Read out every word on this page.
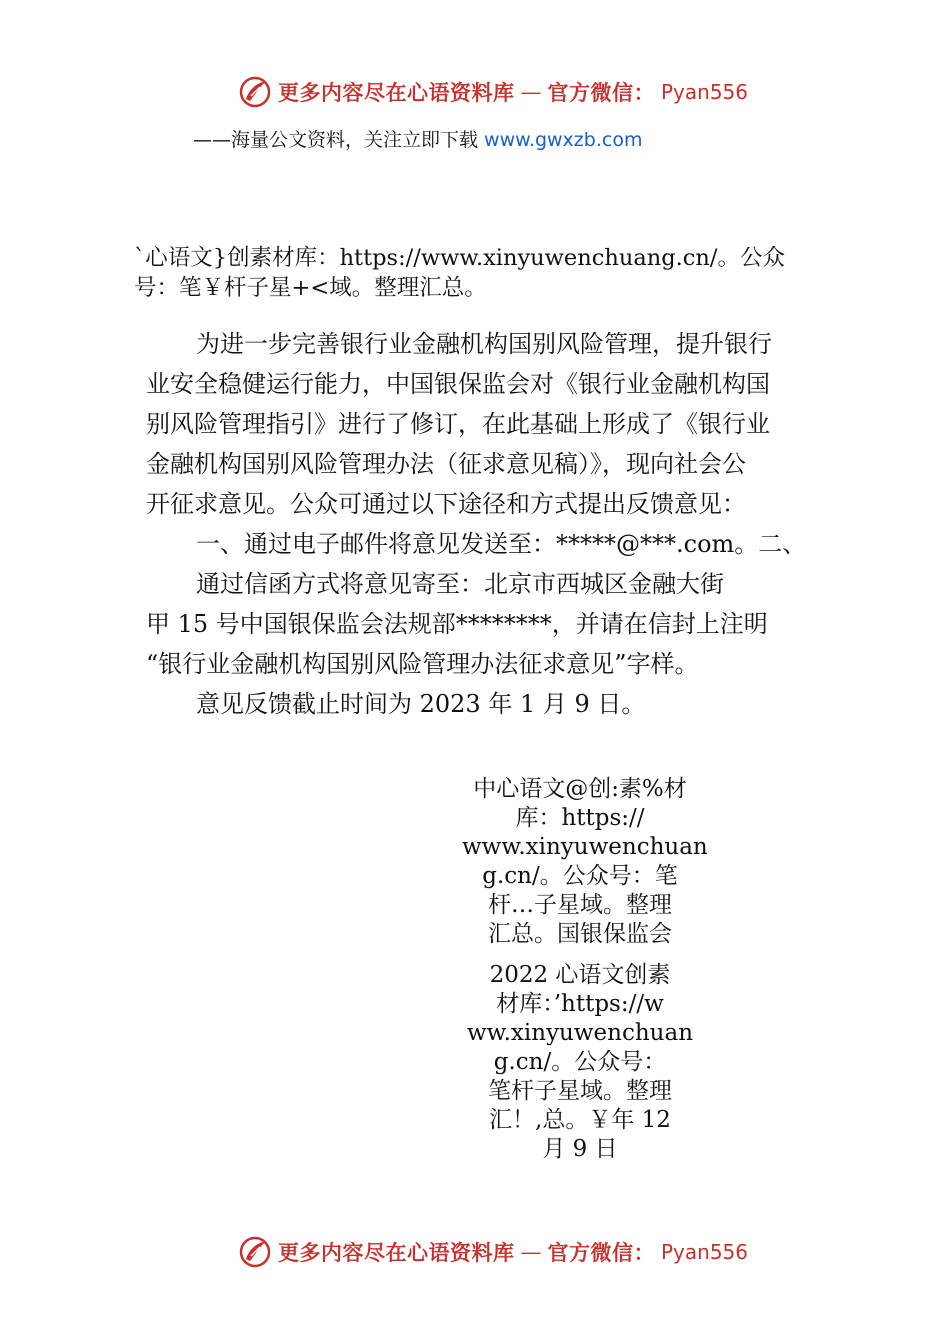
更多内容尽在心语资料库 — 官方微信： Pyan556
——海量公文资料，关注立即下载 www.gwxzb.com
`心语文}创素材库：https://www.xinyuwenchuang.cn/。公众
号：笔￥杆子星+<域。整理汇总。
为进一步完善银行业金融机构国别风险管理，提升银行
业安全稳健运行能力，中国银保监会对《银行业金融机构国
别风险管理指引》进行了修订，在此基础上形成了《银行业
金融机构国别风险管理办法（征求意见稿）》，现向社会公
开征求意见。公众可通过以下途径和方式提出反馈意见：
一、通过电子邮件将意见发送至：*****@***.com。二、
通过信函方式将意见寄至：北京市西城区金融大街
甲 15 号中国银保监会法规部********，并请在信封上注明
“银行业金融机构国别风险管理办法征求意见”字样。
意见反馈截止时间为 2023 年 1 月 9 日。
中心语文@创:素%材
库：https://
www.xinyuwenchuan
g.cn/。公众号：笔
杆…子星域。整理
汇总。国银保监会
2022 心语文创素
材库：’https://w
ww.xinyuwenchuan
g.cn/。公众号：
笔杆子星域。整理
汇！,总。￥年 12
月 9 日
更多内容尽在心语资料库 — 官方微信： Pyan556
